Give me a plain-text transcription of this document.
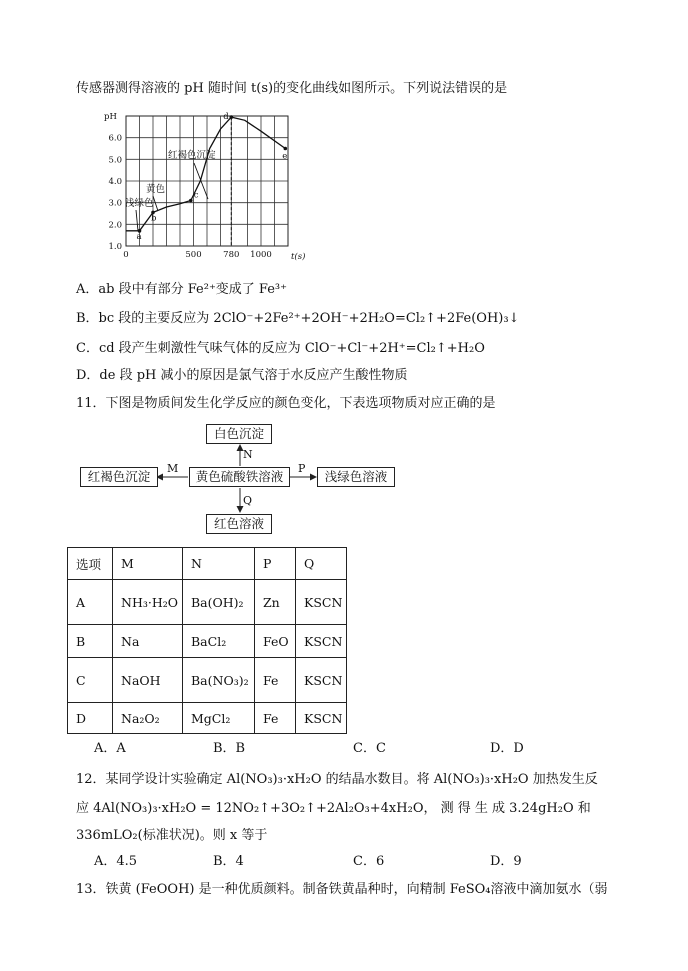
传感器测得溶液的 pH 随时间 t(s)的变化曲线如图所示。下列说法错误的是
1.0
2.0
3.0
4.0
5.0
6.0
0	500	780 1000
pH
t(s)
a
b
c
d
e
红褐色沉淀
黄色
浅绿色
A．ab 段中有部分 Fe²⁺变成了 Fe³⁺
B．bc 段的主要反应为 2ClO⁻+2Fe²⁺+2OH⁻+2H₂O=Cl₂↑+2Fe(OH)₃↓
C．cd 段产生刺激性气味气体的反应为 ClO⁻+Cl⁻+2H⁺=Cl₂↑+H₂O
D．de 段 pH 减小的原因是氯气溶于水反应产生酸性物质
11．下图是物质间发生化学反应的颜色变化，下表选项物质对应正确的是
白色沉淀
黄色硫酸铁溶液
红褐色沉淀	浅绿色溶液
红色溶液
N
M	P
Q
选项	M	N	P	Q
A	NH₃·H₂O	Ba(OH)₂	Zn	KSCN
B	Na	BaCl₂	FeO	KSCN
C	NaOH	Ba(NO₃)₂	Fe	KSCN
D	Na₂O₂	MgCl₂	Fe	KSCN
A．A	B．B	C．C	D．D
12．某同学设计实验确定 Al(NO₃)₃·xH₂O 的结晶水数目。将 Al(NO₃)₃·xH₂O 加热发生反
应 4Al(NO₃)₃·xH₂O = 12NO₂↑+3O₂↑+2Al₂O₃+4xH₂O， 测 得 生 成 3.24gH₂O 和
336mLO₂(标准状况)。则 x 等于
A．4.5	B．4	C．6	D．9
13．铁黄 (FeOOH) 是一种优质颜料。制备铁黄晶种时，向精制 FeSO₄溶液中滴加氨水（弱
